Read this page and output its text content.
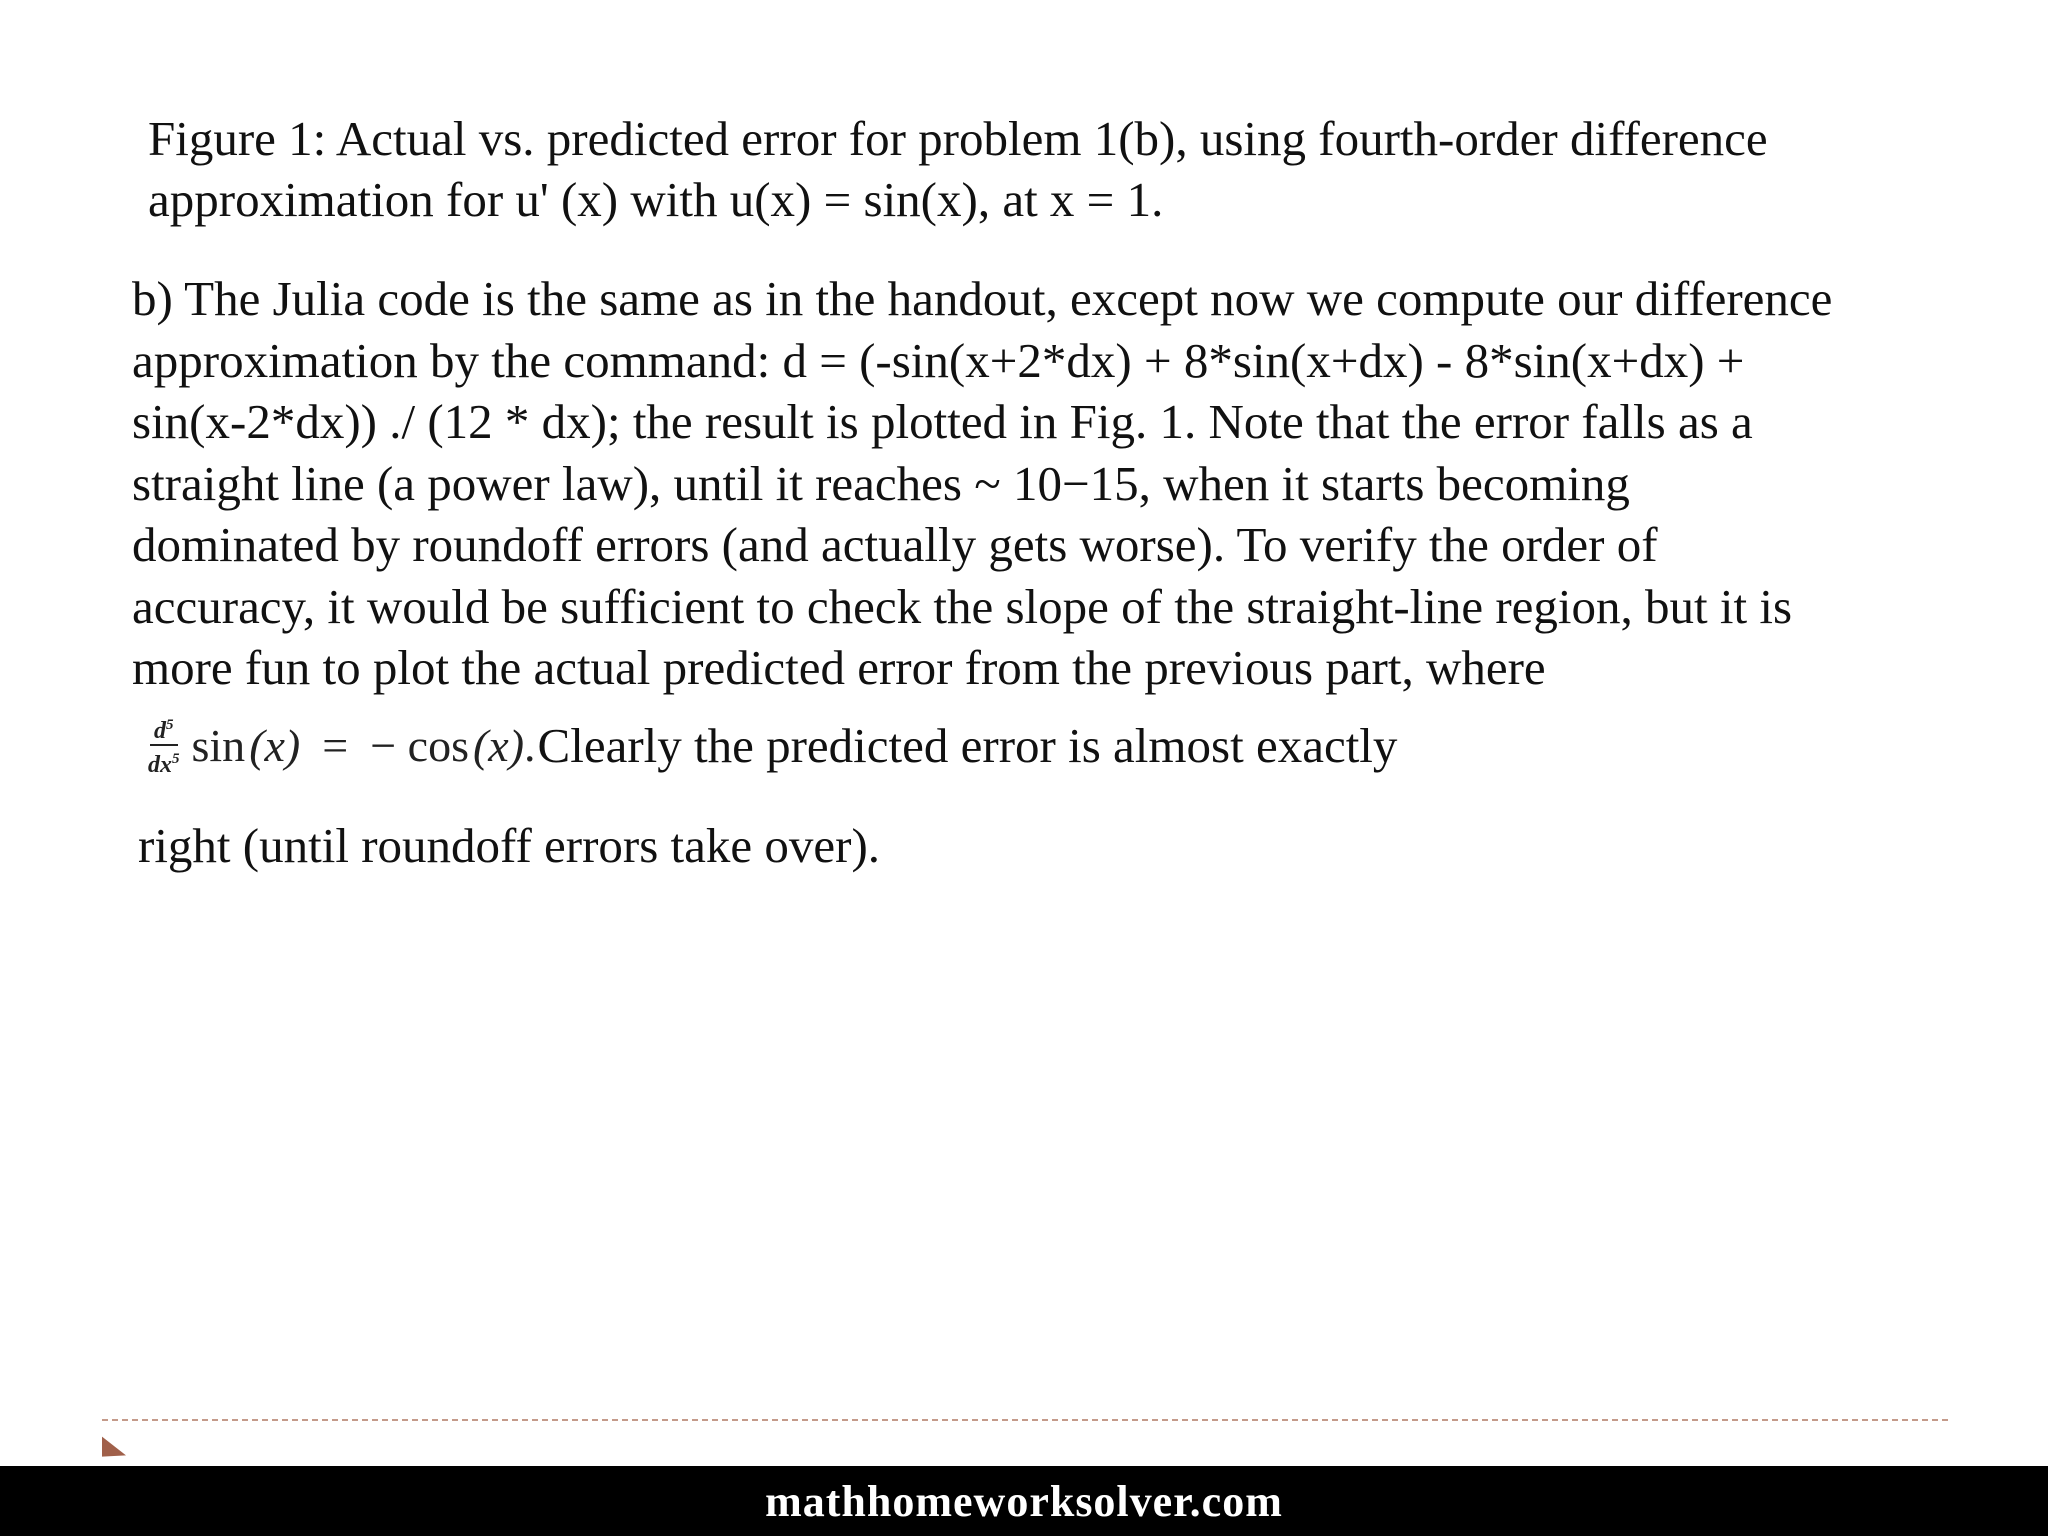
Figure 1: Actual vs. predicted error for problem 1(b), using fourth-order difference
approximation for u' (x) with u(x) = sin(x), at x = 1.
b) The Julia code is the same as in the handout, except now we compute our difference
approximation by the command: d = (-sin(x+2*dx) + 8*sin(x+dx) - 8*sin(x+dx) +
sin(x-2*dx)) ./ (12 * dx); the result is plotted in Fig. 1. Note that the error falls as a
straight line (a power law), until it reaches ~ 10−15, when it starts becoming
dominated by roundoff errors (and actually gets worse). To verify the order of
accuracy, it would be sufficient to check the slope of the straight-line region, but it is
more fun to plot the actual predicted error from the previous part, where
$\frac{d^5}{dx^5}$ sin (x) = − cos (x) . Clearly the predicted error is almost exactly
right (until roundoff errors take over).
mathhomeworksolver.com
